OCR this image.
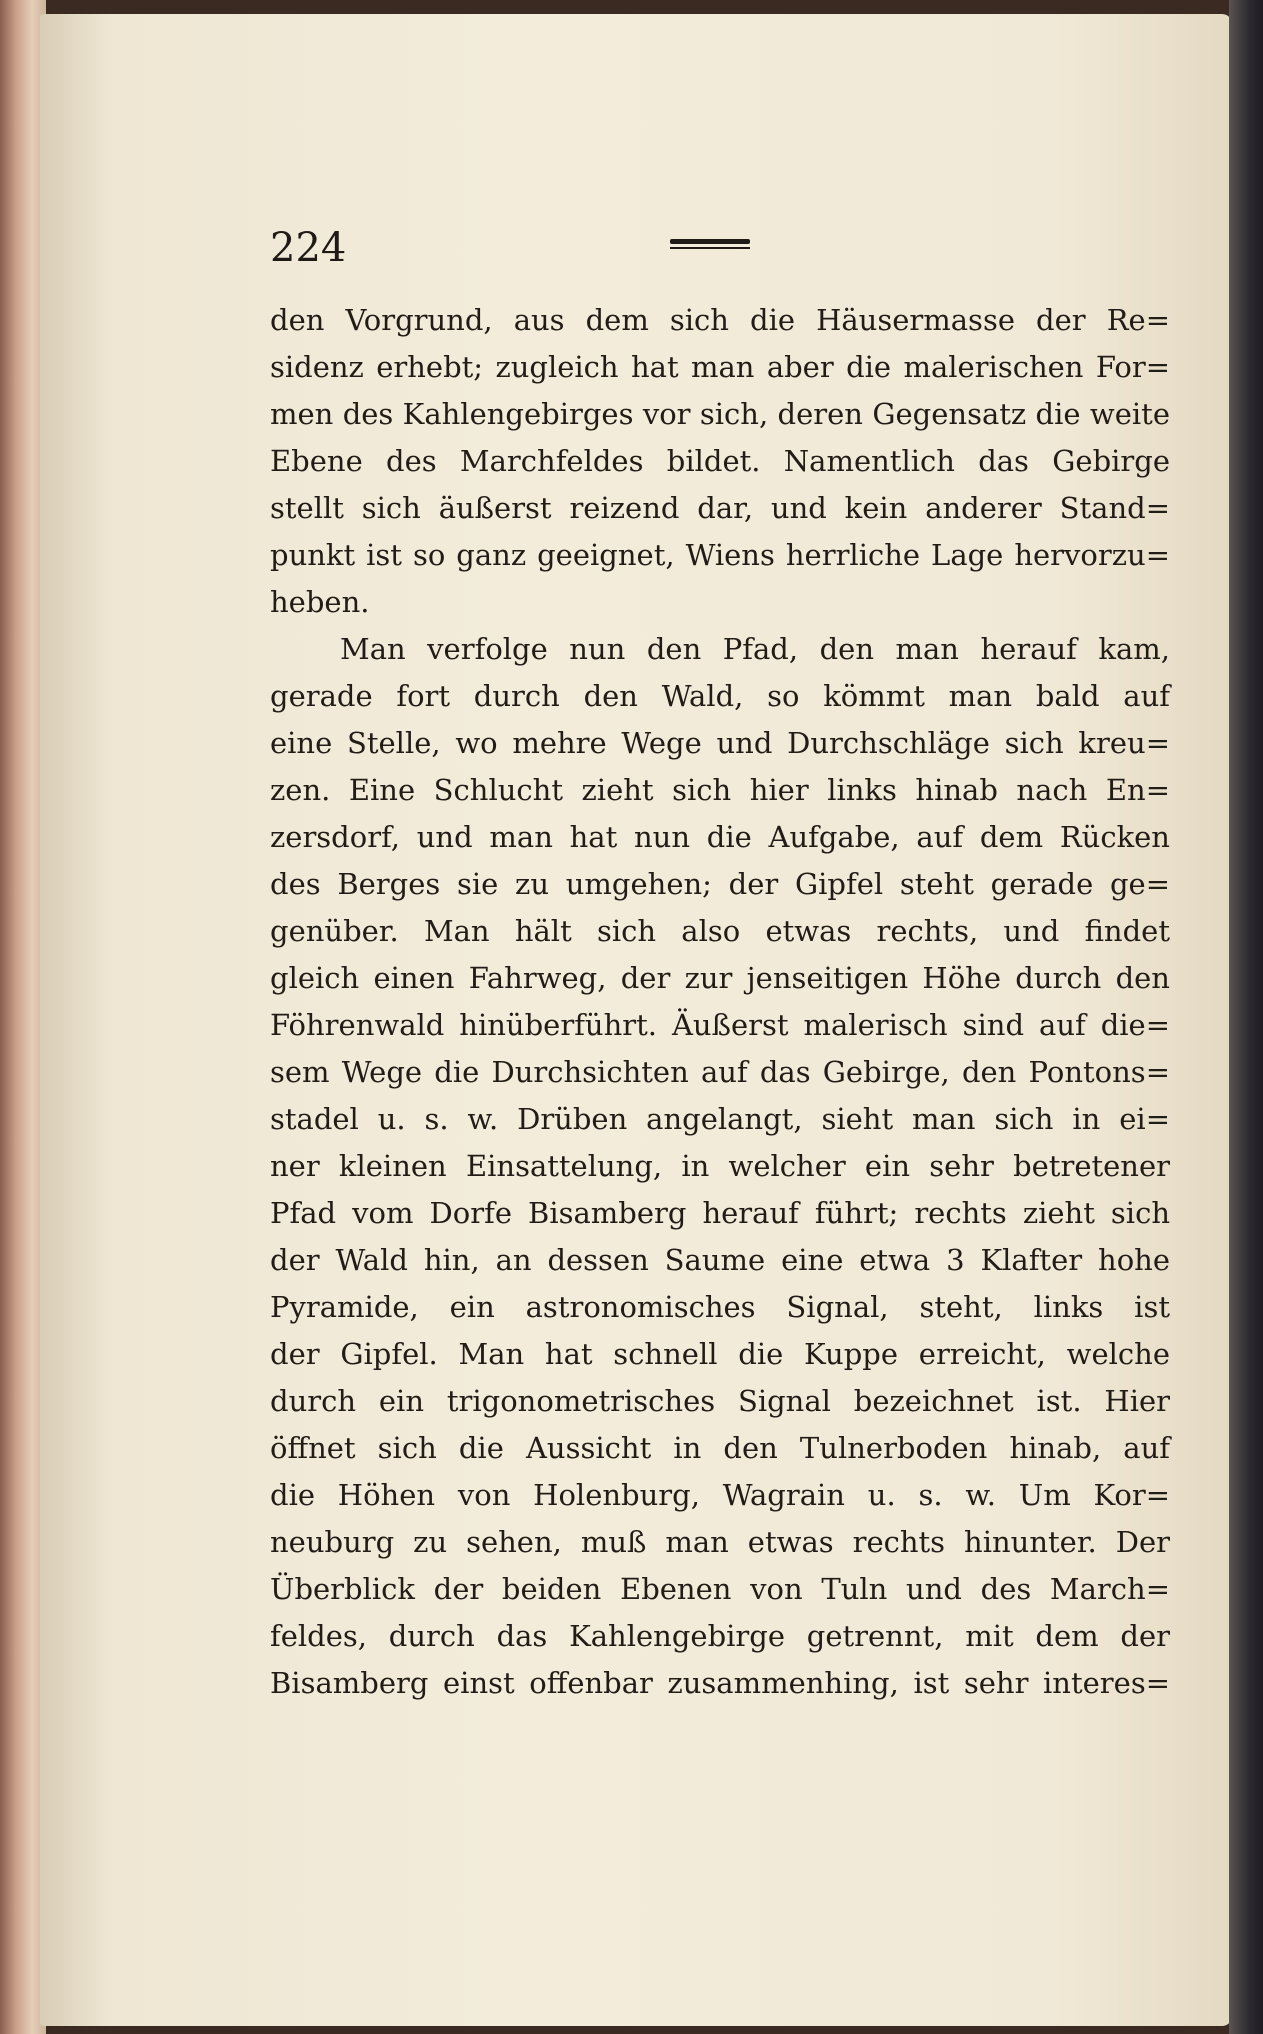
224
den Vorgrund, aus dem sich die Häusermasse der Re=
sidenz erhebt; zugleich hat man aber die malerischen For=
men des Kahlengebirges vor sich, deren Gegensatz die weite
Ebene des Marchfeldes bildet. Namentlich das Gebirge
stellt sich äußerst reizend dar, und kein anderer Stand=
punkt ist so ganz geeignet, Wiens herrliche Lage hervorzu=
heben.
Man verfolge nun den Pfad, den man herauf kam,
gerade fort durch den Wald, so kömmt man bald auf
eine Stelle, wo mehre Wege und Durchschläge sich kreu=
zen. Eine Schlucht zieht sich hier links hinab nach En=
zersdorf, und man hat nun die Aufgabe, auf dem Rücken
des Berges sie zu umgehen; der Gipfel steht gerade ge=
genüber. Man hält sich also etwas rechts, und findet
gleich einen Fahrweg, der zur jenseitigen Höhe durch den
Föhrenwald hinüberführt. Äußerst malerisch sind auf die=
sem Wege die Durchsichten auf das Gebirge, den Pontons=
stadel u. s. w. Drüben angelangt, sieht man sich in ei=
ner kleinen Einsattelung, in welcher ein sehr betretener
Pfad vom Dorfe Bisamberg herauf führt; rechts zieht sich
der Wald hin, an dessen Saume eine etwa 3 Klafter hohe
Pyramide, ein astronomisches Signal, steht, links ist
der Gipfel. Man hat schnell die Kuppe erreicht, welche
durch ein trigonometrisches Signal bezeichnet ist. Hier
öffnet sich die Aussicht in den Tulnerboden hinab, auf
die Höhen von Holenburg, Wagrain u. s. w. Um Kor=
neuburg zu sehen, muß man etwas rechts hinunter. Der
Überblick der beiden Ebenen von Tuln und des March=
feldes, durch das Kahlengebirge getrennt, mit dem der
Bisamberg einst offenbar zusammenhing, ist sehr interes=
